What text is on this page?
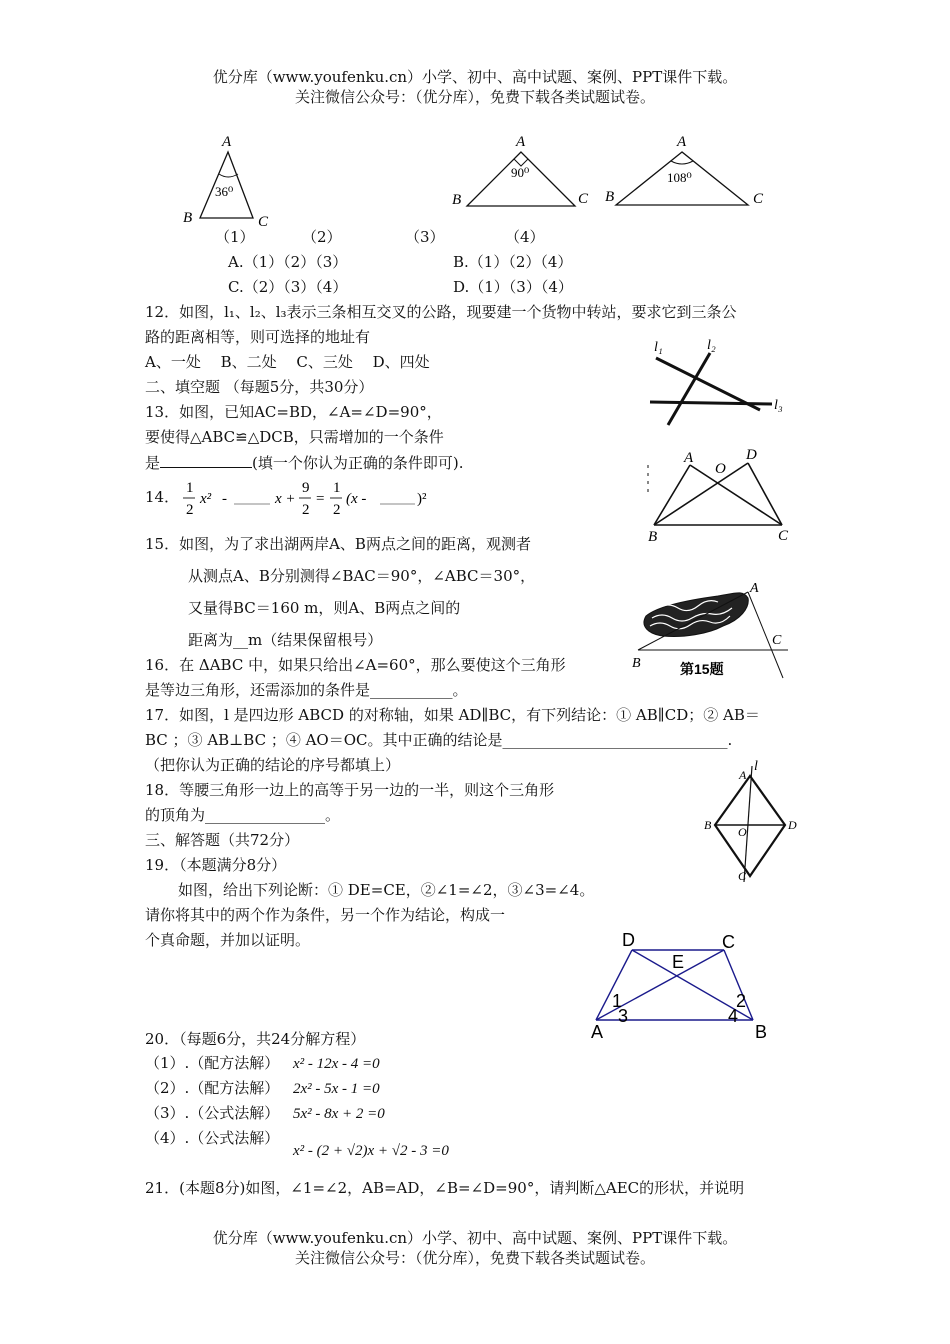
优分库（www.youfenku.cn）小学、初中、高中试题、案例、PPT课件下载。
关注微信公众号：（优分库），免费下载各类试题试卷。
A
B	C
36⁰
A
B	C
90⁰
A
B	C
108⁰
（1）	（2）	（3）	（4）
A.（1）（2）（3）	B.（1）（2）（4）
C.（2）（3）（4）	D.（1）（3）（4）
12．如图，l₁、l₂、l₃表示三条相互交叉的公路，现要建一个货物中转站，要求它到三条公
路的距离相等，则可选择的地址有
A、一处　 B、二处　 C、三处　 D、四处
l₁	l₂
l₃
二、填空题 （每题5分，共30分）
13．如图，已知AC=BD，∠A=∠D=90°，
要使得△ABC≌△DCB，只需增加的一个条件
是	(填一个你认为正确的条件即可).	A
O
D
B	C
14． 1
2
x² -	x +
9
2
=
1
2
(x -	)²
15．如图，为了求出湖两岸A、B两点之间的距离，观测者
从测点A、B分别测得∠BAC＝90°，∠ABC＝30°，
又量得BC＝160 m，则A、B两点之间的
距离为__m（结果保留根号）
A
B
C
第15题
16．在 ΔABC 中，如果只给出∠A=60°，那么要使这个三角形
是等边三角形，还需添加的条件是___________。
17．如图，l 是四边形 ABCD 的对称轴，如果 AD∥BC，有下列结论：① AB∥CD；② AB＝
BC ；③ AB⊥BC ；④ AO＝OC。其中正确的结论是______________________________.
（把你认为正确的结论的序号都填上）
A
l
B O	D
C
18．等腰三角形一边上的高等于另一边的一半，则这个三角形
的顶角为________________。
三、解答题（共72分）
19．（本题满分8分）
如图，给出下列论断：① DE=CE，②∠1=∠2，③∠3=∠4。
请你将其中的两个作为条件，另一个作为结论，构成一
个真命题，并加以证明。	D	C
E
1	2
3	4
A	B
20．（每题6分，共24分解方程）
（1）.（配方法解） x² - 12x - 4 =0
（2）.（配方法解） 2x² - 5x - 1 =0
（3）.（公式法解） 5x² - 8x + 2 =0
（4）.（公式法解）
x² - (2 + √2)x + √2 - 3 =0
21．(本题8分)如图，∠1=∠2，AB=AD，∠B=∠D=90°，请判断△AEC的形状，并说明
优分库（www.youfenku.cn）小学、初中、高中试题、案例、PPT课件下载。
关注微信公众号：（优分库），免费下载各类试题试卷。
